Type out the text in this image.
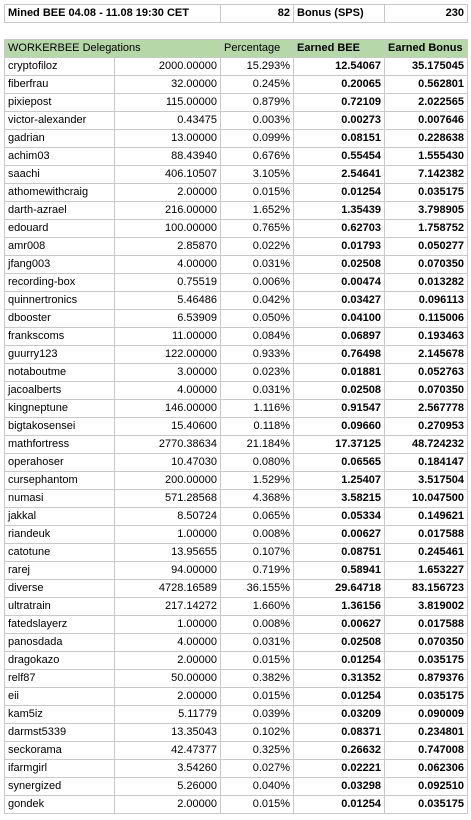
Mined BEE 04.08 - 11.08 19:30 CET		82	Bonus (SPS)	230

WORKERBEE Delegations		Percentage	Earned BEE	Earned Bonus
cryptofiloz	2000.00000	15.293%	12.54067	35.175045
fiberfrau	32.00000	0.245%	0.20065	0.562801
pixiepost	115.00000	0.879%	0.72109	2.022565
victor-alexander	0.43475	0.003%	0.00273	0.007646
gadrian	13.00000	0.099%	0.08151	0.228638
achim03	88.43940	0.676%	0.55454	1.555430
saachi	406.10507	3.105%	2.54641	7.142382
athomewithcraig	2.00000	0.015%	0.01254	0.035175
darth-azrael	216.00000	1.652%	1.35439	3.798905
edouard	100.00000	0.765%	0.62703	1.758752
amr008	2.85870	0.022%	0.01793	0.050277
jfang003	4.00000	0.031%	0.02508	0.070350
recording-box	0.75519	0.006%	0.00474	0.013282
quinnertronics	5.46486	0.042%	0.03427	0.096113
dbooster	6.53909	0.050%	0.04100	0.115006
frankscoms	11.00000	0.084%	0.06897	0.193463
guurry123	122.00000	0.933%	0.76498	2.145678
notaboutme	3.00000	0.023%	0.01881	0.052763
jacoalberts	4.00000	0.031%	0.02508	0.070350
kingneptune	146.00000	1.116%	0.91547	2.567778
bigtakosensei	15.40600	0.118%	0.09660	0.270953
mathfortress	2770.38634	21.184%	17.37125	48.724232
operahoser	10.47030	0.080%	0.06565	0.184147
cursephantom	200.00000	1.529%	1.25407	3.517504
numasi	571.28568	4.368%	3.58215	10.047500
jakkal	8.50724	0.065%	0.05334	0.149621
riandeuk	1.00000	0.008%	0.00627	0.017588
catotune	13.95655	0.107%	0.08751	0.245461
rarej	94.00000	0.719%	0.58941	1.653227
diverse	4728.16589	36.155%	29.64718	83.156723
ultratrain	217.14272	1.660%	1.36156	3.819002
fatedslayerz	1.00000	0.008%	0.00627	0.017588
panosdada	4.00000	0.031%	0.02508	0.070350
dragokazo	2.00000	0.015%	0.01254	0.035175
relf87	50.00000	0.382%	0.31352	0.879376
eii	2.00000	0.015%	0.01254	0.035175
kam5iz	5.11779	0.039%	0.03209	0.090009
darmst5339	13.35043	0.102%	0.08371	0.234801
seckorama	42.47377	0.325%	0.26632	0.747008
ifarmgirl	3.54260	0.027%	0.02221	0.062306
synergized	5.26000	0.040%	0.03298	0.092510
gondek	2.00000	0.015%	0.01254	0.035175
